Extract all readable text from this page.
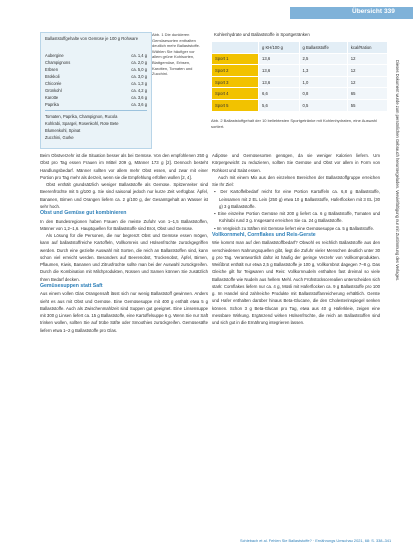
Übersicht 339
Ballaststoffgehalte von Gemüse je 100 g Rohware
Aubergine	ca. 1,4 g
Champignons	ca. 2,0 g
Erbsen	ca. 5,0 g
Brokkoli	ca. 3,0 g
Chicorée	ca. 1,3 g
Grünkohl	ca. 4,2 g
Karotte	ca. 3,6 g
Paprika	ca. 3,6 g
Tomaten, Paprika, Champignon, Rucola
Kohlrabi, Spargel, Rosenkohl, Rote Bete
Blumenkohl, Spinat
Zucchini, Gurke
Abb. 1 Die dunkleren Gemüsesorten enthalten deutlich mehr Ballaststoffe. Wählen Sie häufiger vor allem grüne Kohlsorten, Blattgemüse, Erbsen, Karotten, Tomaten und Zucchini.
Kohlenhydrate und Ballaststoffe in Sportgetränken
	g KH/100 g	g Ballaststoffe	kcal/Ration
Sport 1	13,6	2,5	12
Sport 2	13,6	1,3	12
Sport 3	13,6	1,0	12
Sport 4	6,6	0,8	65
Sport 5	5,6	0,5	55
Abb. 2 Ballaststoffgehalt der 10 beliebtesten Sportgetränke mit Kohlenhydraten, eine Auswahl sortiert.

Beim Obstverzehr ist die Situation besser als bei Gemüse. Von den empfohlenen 250 g Obst pro Tag essen Frauen im Mittel 209 g, Männer 173 g [2]. Dennoch besteht Handlungsbedarf. Männer sollten vor allem mehr Obst essen, und zwar mit einer Portion pro Tag mehr als derzeit, wenn sie die Empfehlung erfüllen wollen [2, 4].

Obst enthält grundsätzlich weniger Ballaststoffe als Gemüse. Spitzenreiter sind Beerenfrüchte mit 5 g/100 g. Sie sind saisonal jedoch nur kurze Zeit verfügbar. Äpfel, Bananen, Birnen und Orangen liefern ca. 2 g/100 g, der Gesamtgehalt an Wasser ist sehr hoch.

Obst und Gemüse gut kombinieren

In den Bundesregionen haben Frauen die meiste Zufuhr von 1–1,5 Ballaststoffen, Männer von 1,2–1,6. Hauptquellen für Ballaststoffe sind Brot, Obst und Gemüse.

Als Lösung für die Personen, die nur begrenzt Obst und Gemüse essen mögen, kann auf ballaststoffreiche Kartoffeln, Vollkornreis und Hülsenfrüchte zurückgegriffen werden. Durch eine gezielte Auswahl mit Sorten, die reich an Ballaststoffen sind, kann schon viel erreicht werden. Besonders auf Beerenobst, Trockenobst, Äpfel, Birnen, Pflaumen, Kiwis, Bananen und Zitrusfrüchte sollte man bei der Auswahl zurückgreifen. Durch die Kombination mit Milchprodukten, Nüssen und Samen können Sie zusätzlich Ihren Bedarf decken.

Gemüsesuppen statt Saft

Aus einem vollen Glas Orangensaft lässt sich nur wenig Ballaststoff gewinnen. Anders sieht es aus mit Obst und Gemüse. Eine Gemüsesuppe mit 400 g enthält etwa 5 g Ballaststoffe. Auch als Zwischenmahlzeit sind Suppen gut geeignet. Eine Linsensuppe mit 300 g Linsen liefert ca. 15 g Ballaststoffe, eine Kartoffelsuppe 6 g. Wenn Sie nur Saft trinken wollen, sollten Sie auf trübe Säfte oder Smoothies zurückgreifen. Gemüsesäfte liefern etwa 1–2 g Ballaststoffe pro Glas.

Adipöse und Gemüsesorten genügen, da sie weniger Kalorien liefern. Um Körpergewicht zu reduzieren, sollten Sie Gemüse und Obst vor allem in Form von Rohkost und Salat essen.

Auch mit einem Mix aus den einzelnen Bereichen der Ballaststoffgruppe erreichen Sie Ihr Ziel:

▪ Der Kartoffelbedarf reicht für eine Portion Kartoffeln ca. 6,8 g Ballaststoffe, Leinsamen mit 2 EL Lein (250 g) etwa 10 g Ballaststoffe, Haferflocken mit 3 EL (30 g) 3 g Ballaststoffe.

▪ Eine einzelne Portion Gemüse mit 200 g liefert ca. 6 g Ballaststoffe, Tomaten und Kohlrabi rund 3 g. Insgesamt erreichen Sie ca. 24 g Ballaststoffe.

▪ Im Vergleich zu Säften mit Gemüse liefert eine Gemüsesuppe ca. 5 g Ballaststoffe.

Vollkornmehl, Cornflakes und Reis-Gerste

Wie kommt man auf den Ballaststoffbedarf? Obwohl es reichlich Ballaststoffe aus den verschiedenen Nahrungsquellen gibt, liegt die Zufuhr vieler Menschen deutlich unter 30 g pro Tag. Verantwortlich dafür ist häufig der geringe Verzehr von Vollkornprodukten. Weißbrot enthält nur etwa 2,5 g Ballaststoffe je 100 g, Vollkornbrot dagegen 7–8 g. Das Gleiche gilt für Teigwaren und Reis: Vollkornnudeln enthalten fast dreimal so viele Ballaststoffe wie Nudeln aus hellem Mehl. Auch Frühstückscerealien unterscheiden sich stark: Cornflakes liefern nur ca. 4 g, Müsli mit Haferflocken ca. 9 g Ballaststoffe pro 100 g. Im Handel sind zahlreiche Produkte mit Ballaststoffanreicherung erhältlich. Gerste und Hafer enthalten darüber hinaus Beta-Glucane, die den Cholesterinspiegel senken können. Schon 3 g Beta-Glucan pro Tag, etwa aus 40 g Haferkleie, zeigen eine messbare Wirkung. Ergänzend wirken Hülsenfrüchte, die reich an Ballaststoffen sind und sich gut in die Ernährung integrieren lassen.

Dieses Dokument wurde zum persönlichen Gebrauch heruntergeladen. Vervielfältigung nur mit Zustimmung des Verlages.
Schlebach et al. Fehlen Sie Ballaststoffe? · Ernährungs Umschau 2021, 68: S. 338–341
